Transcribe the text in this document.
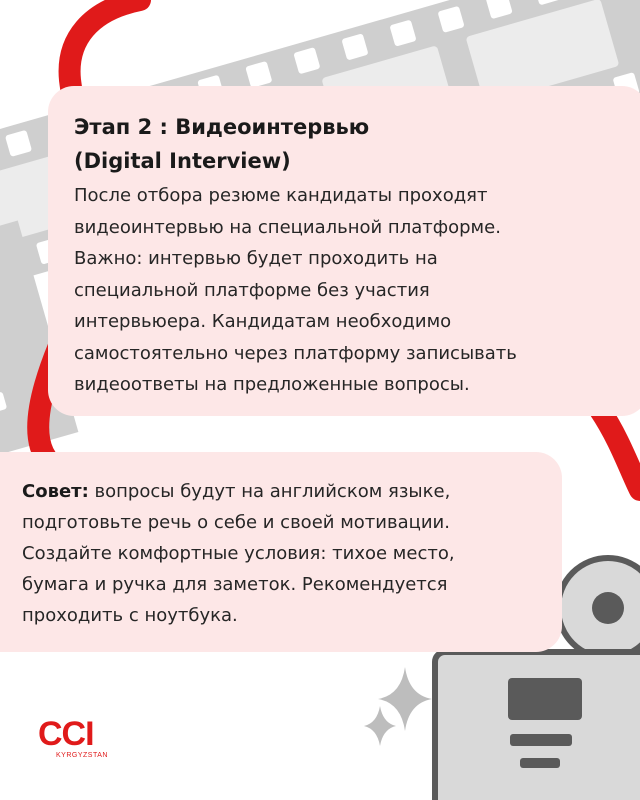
Этап 2 : Видеоинтервью
(Digital Interview)

После отбора резюме кандидаты проходят
видеоинтервью на специальной платформе.
Важно: интервью будет проходить на
специальной платформе без участия
интервьюера. Кандидатам необходимо
самостоятельно через платформу записывать
видеоответы на предложенные вопросы.

Совет: вопросы будут на английском языке,
подготовьте речь о себе и своей мотивации.
Создайте комфортные условия: тихое место,
бумага и ручка для заметок. Рекомендуется
проходить с ноутбука.

CCI
KYRGYZSTAN
